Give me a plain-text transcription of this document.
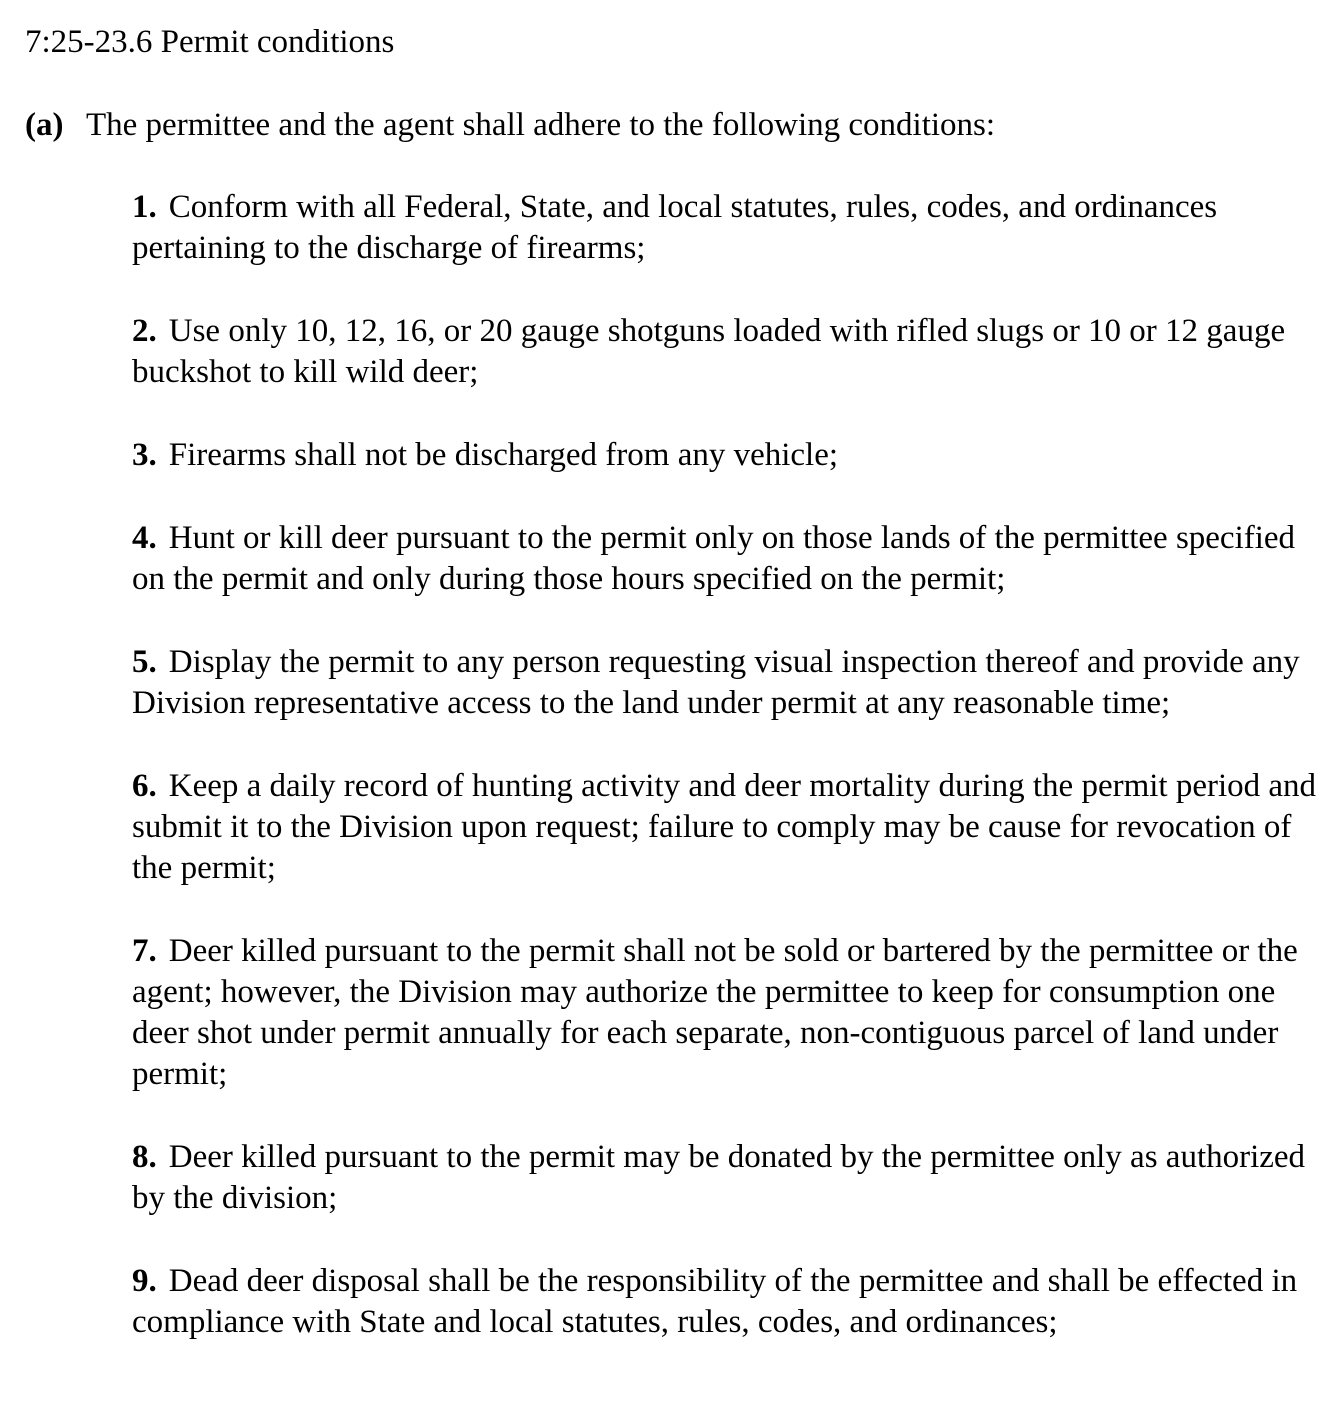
7:25-23.6 Permit conditions
(a) The permittee and the agent shall adhere to the following conditions:
1. Conform with all Federal, State, and local statutes, rules, codes, and ordinances pertaining to the discharge of firearms;
2. Use only 10, 12, 16, or 20 gauge shotguns loaded with rifled slugs or 10 or 12 gauge buckshot to kill wild deer;
3. Firearms shall not be discharged from any vehicle;
4. Hunt or kill deer pursuant to the permit only on those lands of the permittee specified on the permit and only during those hours specified on the permit;
5. Display the permit to any person requesting visual inspection thereof and provide any Division representative access to the land under permit at any reasonable time;
6. Keep a daily record of hunting activity and deer mortality during the permit period and submit it to the Division upon request; failure to comply may be cause for revocation of the permit;
7. Deer killed pursuant to the permit shall not be sold or bartered by the permittee or the agent; however, the Division may authorize the permittee to keep for consumption one deer shot under permit annually for each separate, non-contiguous parcel of land under permit;
8. Deer killed pursuant to the permit may be donated by the permittee only as authorized by the division;
9. Dead deer disposal shall be the responsibility of the permittee and shall be effected in compliance with State and local statutes, rules, codes, and ordinances;
